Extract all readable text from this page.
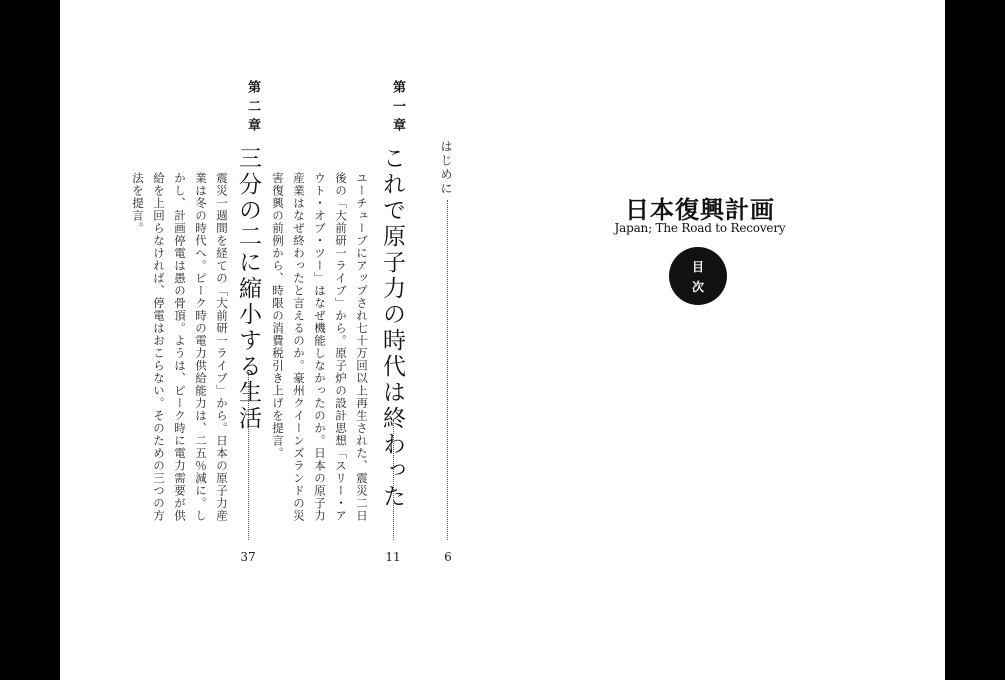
はじめに
6
第一章
これで原子力の時代は終わった
11
ユーチューブにアップされ七十万回以上再生された、震災二日
後の「大前研一ライブ」から。原子炉の設計思想「スリー・ア
ウト・オブ・ツー」はなぜ機能しなかったのか。日本の原子力
産業はなぜ終わったと言えるのか。豪州クイーンズランドの災
害復興の前例から、時限の消費税引き上げを提言。
第二章
三分の二に縮小する生活
37
震災一週間を経ての「大前研一ライブ」から。日本の原子力産
業は冬の時代へ。ピーク時の電力供給能力は、二五％減に。し
かし、計画停電は愚の骨頂。ようは、ピーク時に電力需要が供
給を上回らなければ、停電はおこらない。そのための三つの方
法を提言。	日本復興計画
Japan; The Road to Recovery
目
次
